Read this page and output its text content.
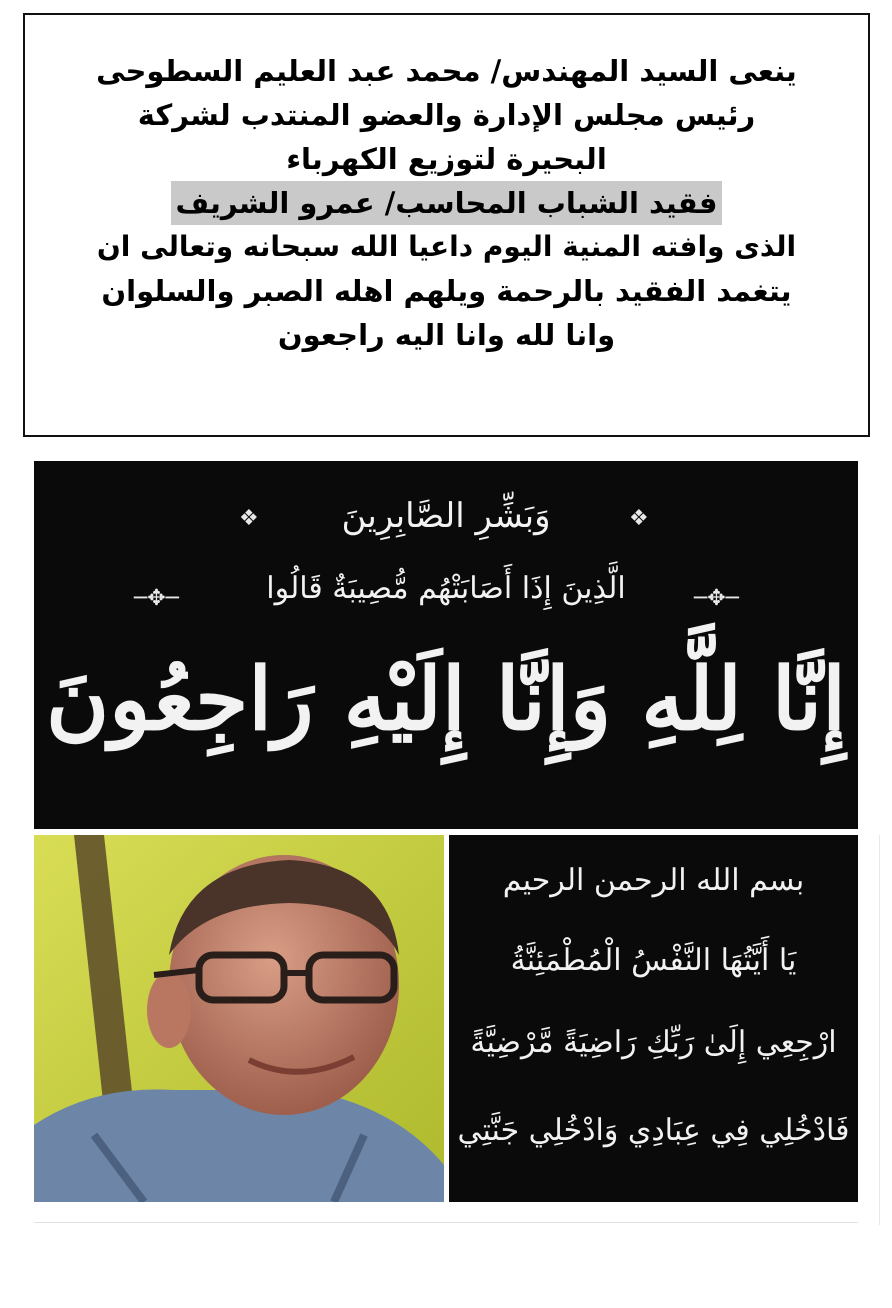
ينعى السيد المهندس/ محمد عبد العليم السطوحى
رئيس مجلس الإدارة والعضو المنتدب لشركة
البحيرة لتوزيع الكهرباء
فقيد الشباب المحاسب/ عمرو الشريف
الذى وافته المنية اليوم داعيا الله سبحانه وتعالى ان
يتغمد الفقيد بالرحمة ويلهم اهله الصبر والسلوان
وانا لله وانا اليه راجعون
❖	❖
─✥─	─✥─
وَبَشِّرِ الصَّابِرِينَ
الَّذِينَ إِذَا أَصَابَتْهُم مُّصِيبَةٌ قَالُوا
إِنَّا لِلَّهِ وَإِنَّا إِلَيْهِ رَاجِعُونَ
بسم الله الرحمن الرحيم
يَا أَيَّتُهَا النَّفْسُ الْمُطْمَئِنَّةُ
ارْجِعِي إِلَىٰ رَبِّكِ رَاضِيَةً مَّرْضِيَّةً
فَادْخُلِي فِي عِبَادِي وَادْخُلِي جَنَّتِي
